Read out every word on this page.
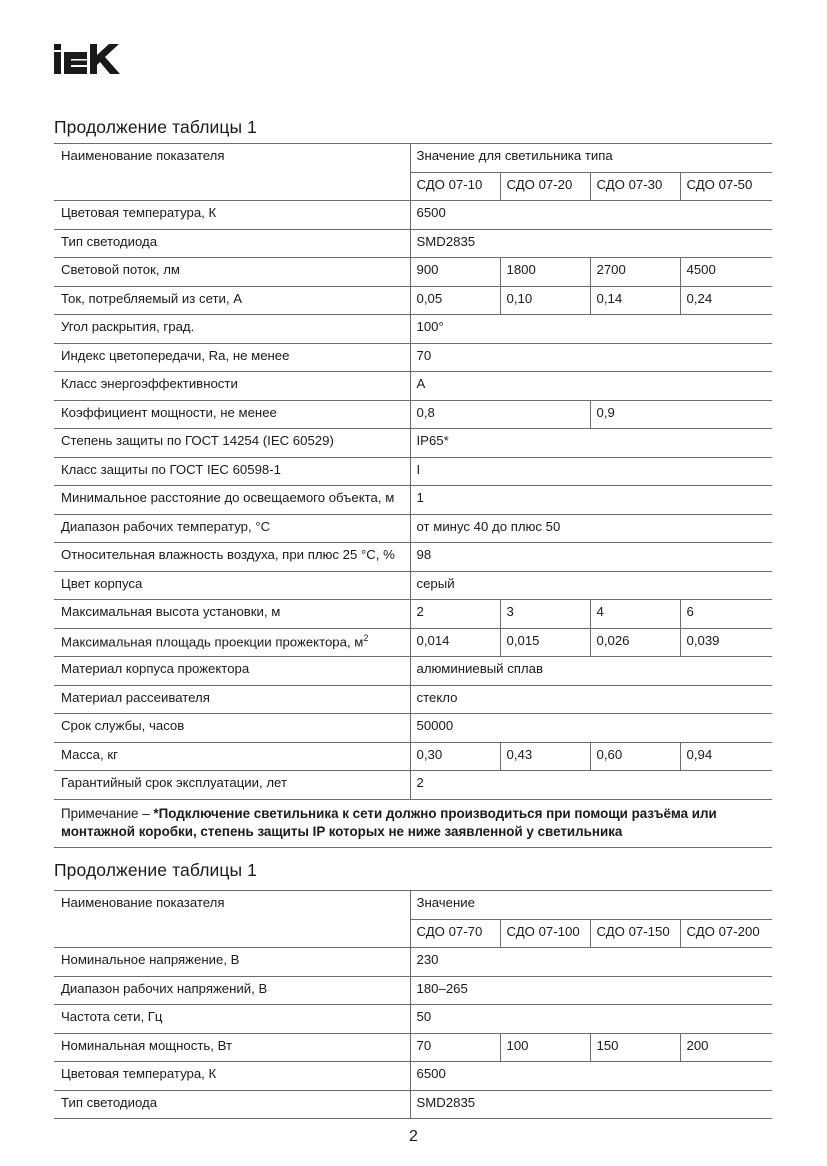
Продолжение таблицы 1
Наименование показателя	Значение для светильника типа			
	СДО 07-10	СДО 07-20	СДО 07-30	СДО 07-50
Цветовая температура, К	6500			
Тип светодиода	SMD2835			
Световой поток, лм	900	1800	2700	4500
Ток, потребляемый из сети, А	0,05	0,10	0,14	0,24
Угол раскрытия, град.	100°			
Индекс цветопередачи, Ra, не менее	70			
Класс энергоэффективности	A			
Коэффициент мощности, не менее	0,8		0,9	
Степень защиты по ГОСТ 14254 (IEC 60529)	IP65*			
Класс защиты по ГОСТ IEC 60598-1	I			
Минимальное расстояние до освещаемого объекта, м	1			
Диапазон рабочих температур, °С	от минус 40 до плюс 50			
Относительная влажность воздуха, при плюс 25 °С, %	98			
Цвет корпуса	серый			
Максимальная высота установки, м	2	3	4	6
Максимальная площадь проекции прожектора, $м^2$	0,014	0,015	0,026	0,039
Материал корпуса прожектора	алюминиевый сплав			
Материал рассеивателя	стекло			
Срок службы, часов	50000			
Масса, кг	0,30	0,43	0,60	0,94
Гарантийный срок эксплуатации, лет	2			
Примечание – *Подключение светильника к сети должно производиться при помощи разъёма или монтажной коробки, степень защиты IP которых не ниже заявленной у светильника				
Продолжение таблицы 1
Наименование показателя	Значение			
	СДО 07-70	СДО 07-100	СДО 07-150	СДО 07-200
Номинальное напряжение, В	230			
Диапазон рабочих напряжений, В	180–265			
Частота сети, Гц	50			
Номинальная мощность, Вт	70	100	150	200
Цветовая температура, К	6500			
Тип светодиода	SMD2835			
2
